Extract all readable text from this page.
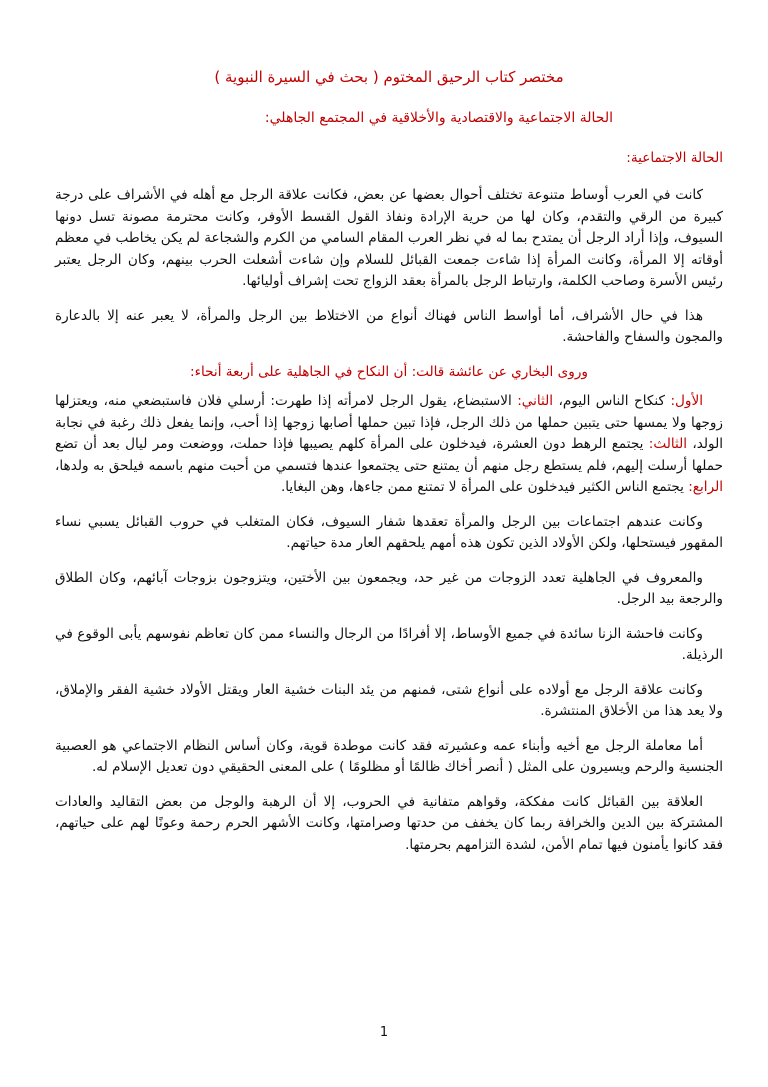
مختصر كتاب الرحيق المختوم ( بحث في السيرة النبوية )
الحالة الاجتماعية والاقتصادية والأخلاقية في المجتمع الجاهلي:
الحالة الاجتماعية:

كانت في العرب أوساط متنوعة تختلف أحوال بعضها عن بعض، فكانت علاقة الرجل مع أهله في الأشراف على درجة كبيرة من الرقي والتقدم، وكان لها من حرية الإرادة ونفاذ القول القسط الأوفر، وكانت محترمة مصونة تسل دونها السيوف، وإذا أراد الرجل أن يمتدح بما له في نظر العرب المقام السامي من الكرم والشجاعة لم يكن يخاطب في معظم أوقاته إلا المرأة، وكانت المرأة إذا شاءت جمعت القبائل للسلام وإن شاءت أشعلت الحرب بينهم، وكان الرجل يعتبر رئيس الأسرة وصاحب الكلمة، وارتباط الرجل بالمرأة بعقد الزواج تحت إشراف أوليائها.

هذا في حال الأشراف، أما أواسط الناس فهناك أنواع من الاختلاط بين الرجل والمرأة، لا يعبر عنه إلا بالدعارة والمجون والسفاح والفاحشة.

وروى البخاري عن عائشة قالت: أن النكاح في الجاهلية على أربعة أنحاء:

الأول: كنكاح الناس اليوم، الثاني: الاستبضاع، يقول الرجل لامرأته إذا طهرت: أرسلي فلان فاستبضعي منه، ويعتزلها زوجها ولا يمسها حتى يتبين حملها من ذلك الرجل، فإذا تبين حملها أصابها زوجها إذا أحب، وإنما يفعل ذلك رغبة في نجابة الولد، الثالث: يجتمع الرهط دون العشرة، فيدخلون على المرأة كلهم يصيبها فإذا حملت، ووضعت ومر ليال بعد أن تضع حملها أرسلت إليهم، فلم يستطع رجل منهم أن يمتنع حتى يجتمعوا عندها فتسمي من أحبت منهم باسمه فيلحق به ولدها، الرابع: يجتمع الناس الكثير فيدخلون على المرأة لا تمتنع ممن جاءها، وهن البغايا.

وكانت عندهم اجتماعات بين الرجل والمرأة تعقدها شفار السيوف، فكان المتغلب في حروب القبائل يسبي نساء المقهور فيستحلها، ولكن الأولاد الذين تكون هذه أمهم يلحقهم العار مدة حياتهم.

والمعروف في الجاهلية تعدد الزوجات من غير حد، ويجمعون بين الأختين، ويتزوجون بزوجات آبائهم، وكان الطلاق والرجعة بيد الرجل.

وكانت فاحشة الزنا سائدة في جميع الأوساط، إلا أفرادًا من الرجال والنساء ممن كان تعاظم نفوسهم يأبى الوقوع في الرذيلة.

وكانت علاقة الرجل مع أولاده على أنواع شتى، فمنهم من يئد البنات خشية العار ويقتل الأولاد خشية الفقر والإملاق، ولا يعد هذا من الأخلاق المنتشرة.

أما معاملة الرجل مع أخيه وأبناء عمه وعشيرته فقد كانت موطدة قوية، وكان أساس النظام الاجتماعي هو العصبية الجنسية والرحم ويسيرون على المثل ( أنصر أخاك ظالمًا أو مظلومًا ) على المعنى الحقيقي دون تعديل الإسلام له.

العلاقة بين القبائل كانت مفككة، وقواهم متفانية في الحروب، إلا أن الرهبة والوجل من بعض التقاليد والعادات المشتركة بين الدين والخرافة ربما كان يخفف من حدتها وصرامتها، وكانت الأشهر الحرم رحمة وعونًا لهم على حياتهم، فقد كانوا يأمنون فيها تمام الأمن، لشدة التزامهم بحرمتها.

1
